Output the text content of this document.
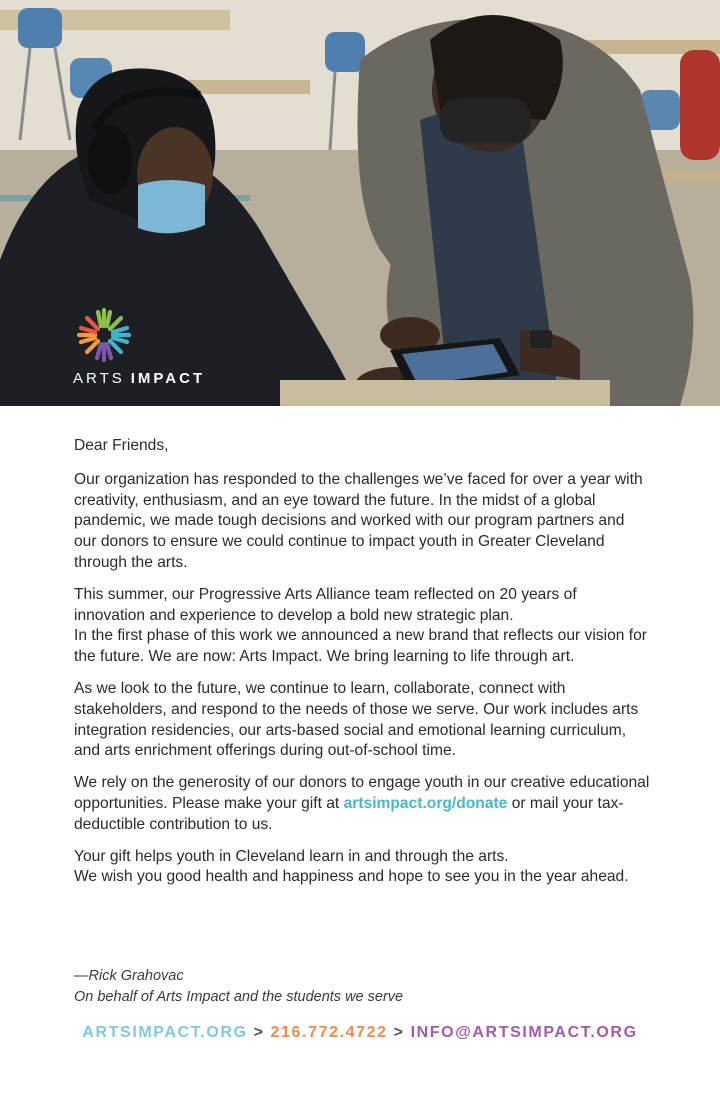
ARTS IMPACT

Dear Friends,

Our organization has responded to the challenges we’ve faced for over a year with creativity, enthusiasm, and an eye toward the future. In the midst of a global pandemic, we made tough decisions and worked with our program partners and our donors to ensure we could continue to impact youth in Greater Cleveland through the arts.

This summer, our Progressive Arts Alliance team reflected on 20 years of innovation and experience to develop a bold new strategic plan.
In the first phase of this work we announced a new brand that reflects our vision for the future. We are now: Arts Impact. We bring learning to life through art.

As we look to the future, we continue to learn, collaborate, connect with stakeholders, and respond to the needs of those we serve. Our work includes arts integration residencies, our arts-based social and emotional learning curriculum, and arts enrichment offerings during out-of-school time.

We rely on the generosity of our donors to engage youth in our creative educational opportunities. Please make your gift at artsimpact.org/donate or mail your tax-deductible contribution to us.

Your gift helps youth in Cleveland learn in and through the arts.
We wish you good health and happiness and hope to see you in the year ahead.

—Rick Grahovac
On behalf of Arts Impact and the students we serve
ARTSIMPACT.ORG > 216.772.4722 > INFO@ARTSIMPACT.ORG
